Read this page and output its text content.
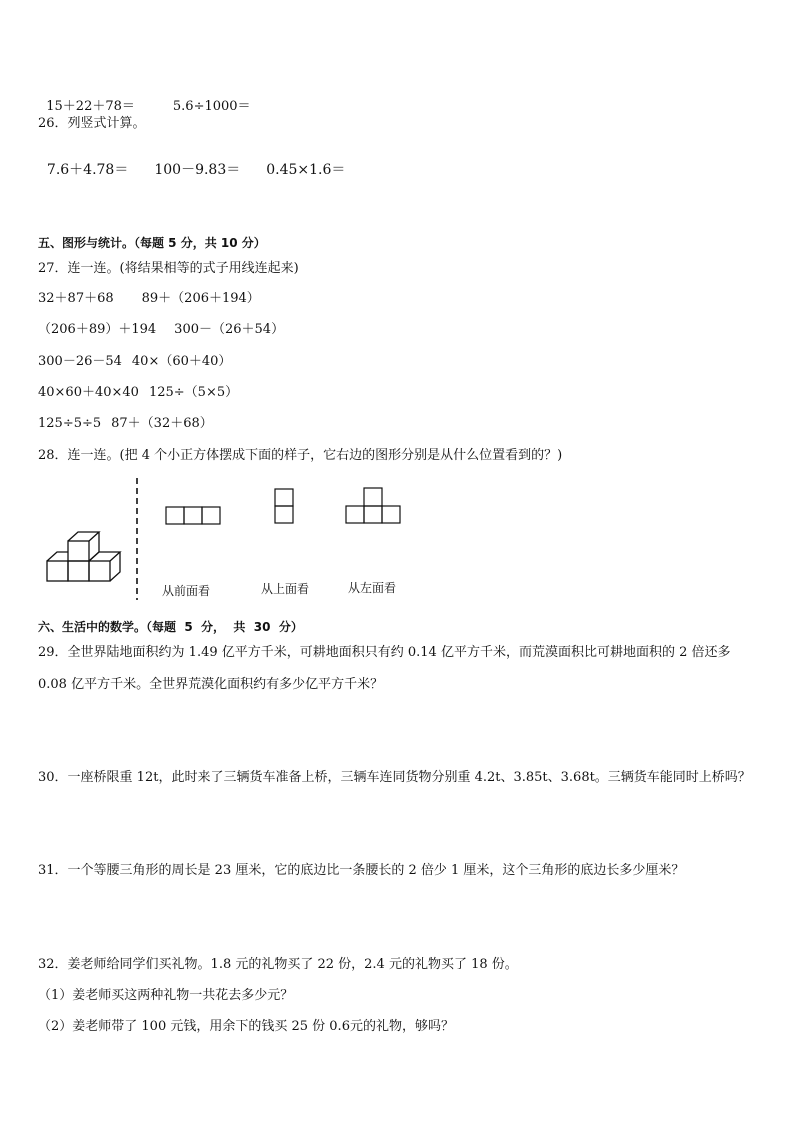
15＋22＋78＝	5.6÷1000＝

26．列竖式计算。

7.6＋4.78＝ 100－9.83＝ 0.45×1.6＝

五、图形与统计。（每题 5 分，共 10 分）
27．连一连。(将结果相等的式子用线连起来)
32＋87＋68 89＋（206＋194）
（206＋89）＋194 300－（26＋54）
300－26－54 40×（60＋40）
40×60＋40×40 125÷（5×5）
125÷5÷5 87＋（32＋68）
28．连一连。(把 4 个小正方体摆成下面的样子，它右边的图形分别是从什么位置看到的？)
从前面看	从上面看	从左面看
六、生活中的数学。（每题  5  分，  共  30  分）
29．全世界陆地面积约为 1.49 亿平方千米，可耕地面积只有约 0.14 亿平方千米，而荒漠面积比可耕地面积的 2 倍还多
0.08 亿平方千米。全世界荒漠化面积约有多少亿平方千米？
30．一座桥限重 12t，此时来了三辆货车准备上桥，三辆车连同货物分别重 4.2t、3.85t、3.68t。三辆货车能同时上桥吗？
31．一个等腰三角形的周长是 23 厘米，它的底边比一条腰长的 2 倍少 1 厘米，这个三角形的底边长多少厘米？
32．姜老师给同学们买礼物。1.8 元的礼物买了 22 份，2.4 元的礼物买了 18 份。
（1）姜老师买这两种礼物一共花去多少元？
（2）姜老师带了 100 元钱，用余下的钱买 25 份 0.6元的礼物，够吗？
